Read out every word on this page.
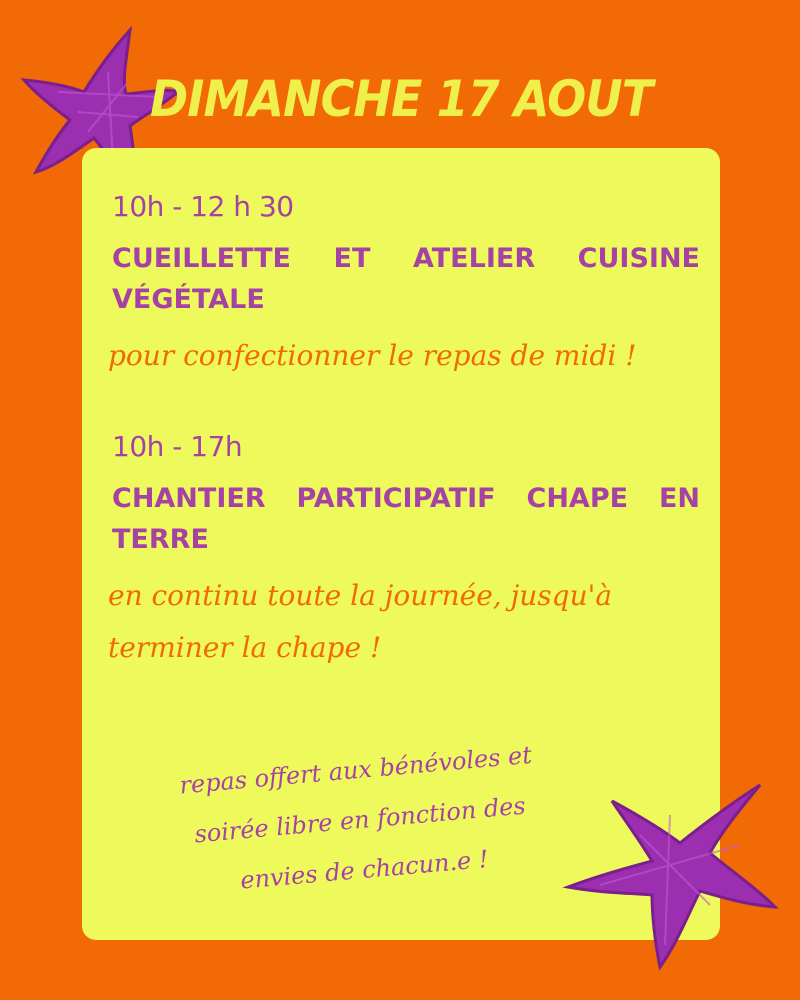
DIMANCHE 17 AOUT
10h - 12 h 30
CUEILLETTE ET ATELIER CUISINE VÉGÉTALE
pour confectionner le repas de midi !
10h - 17h
CHANTIER PARTICIPATIF CHAPE EN TERRE
en continu toute la journée, jusqu'à terminer la chape !
repas offert aux bénévoles et
soirée libre en fonction des
envies de chacun.e !
